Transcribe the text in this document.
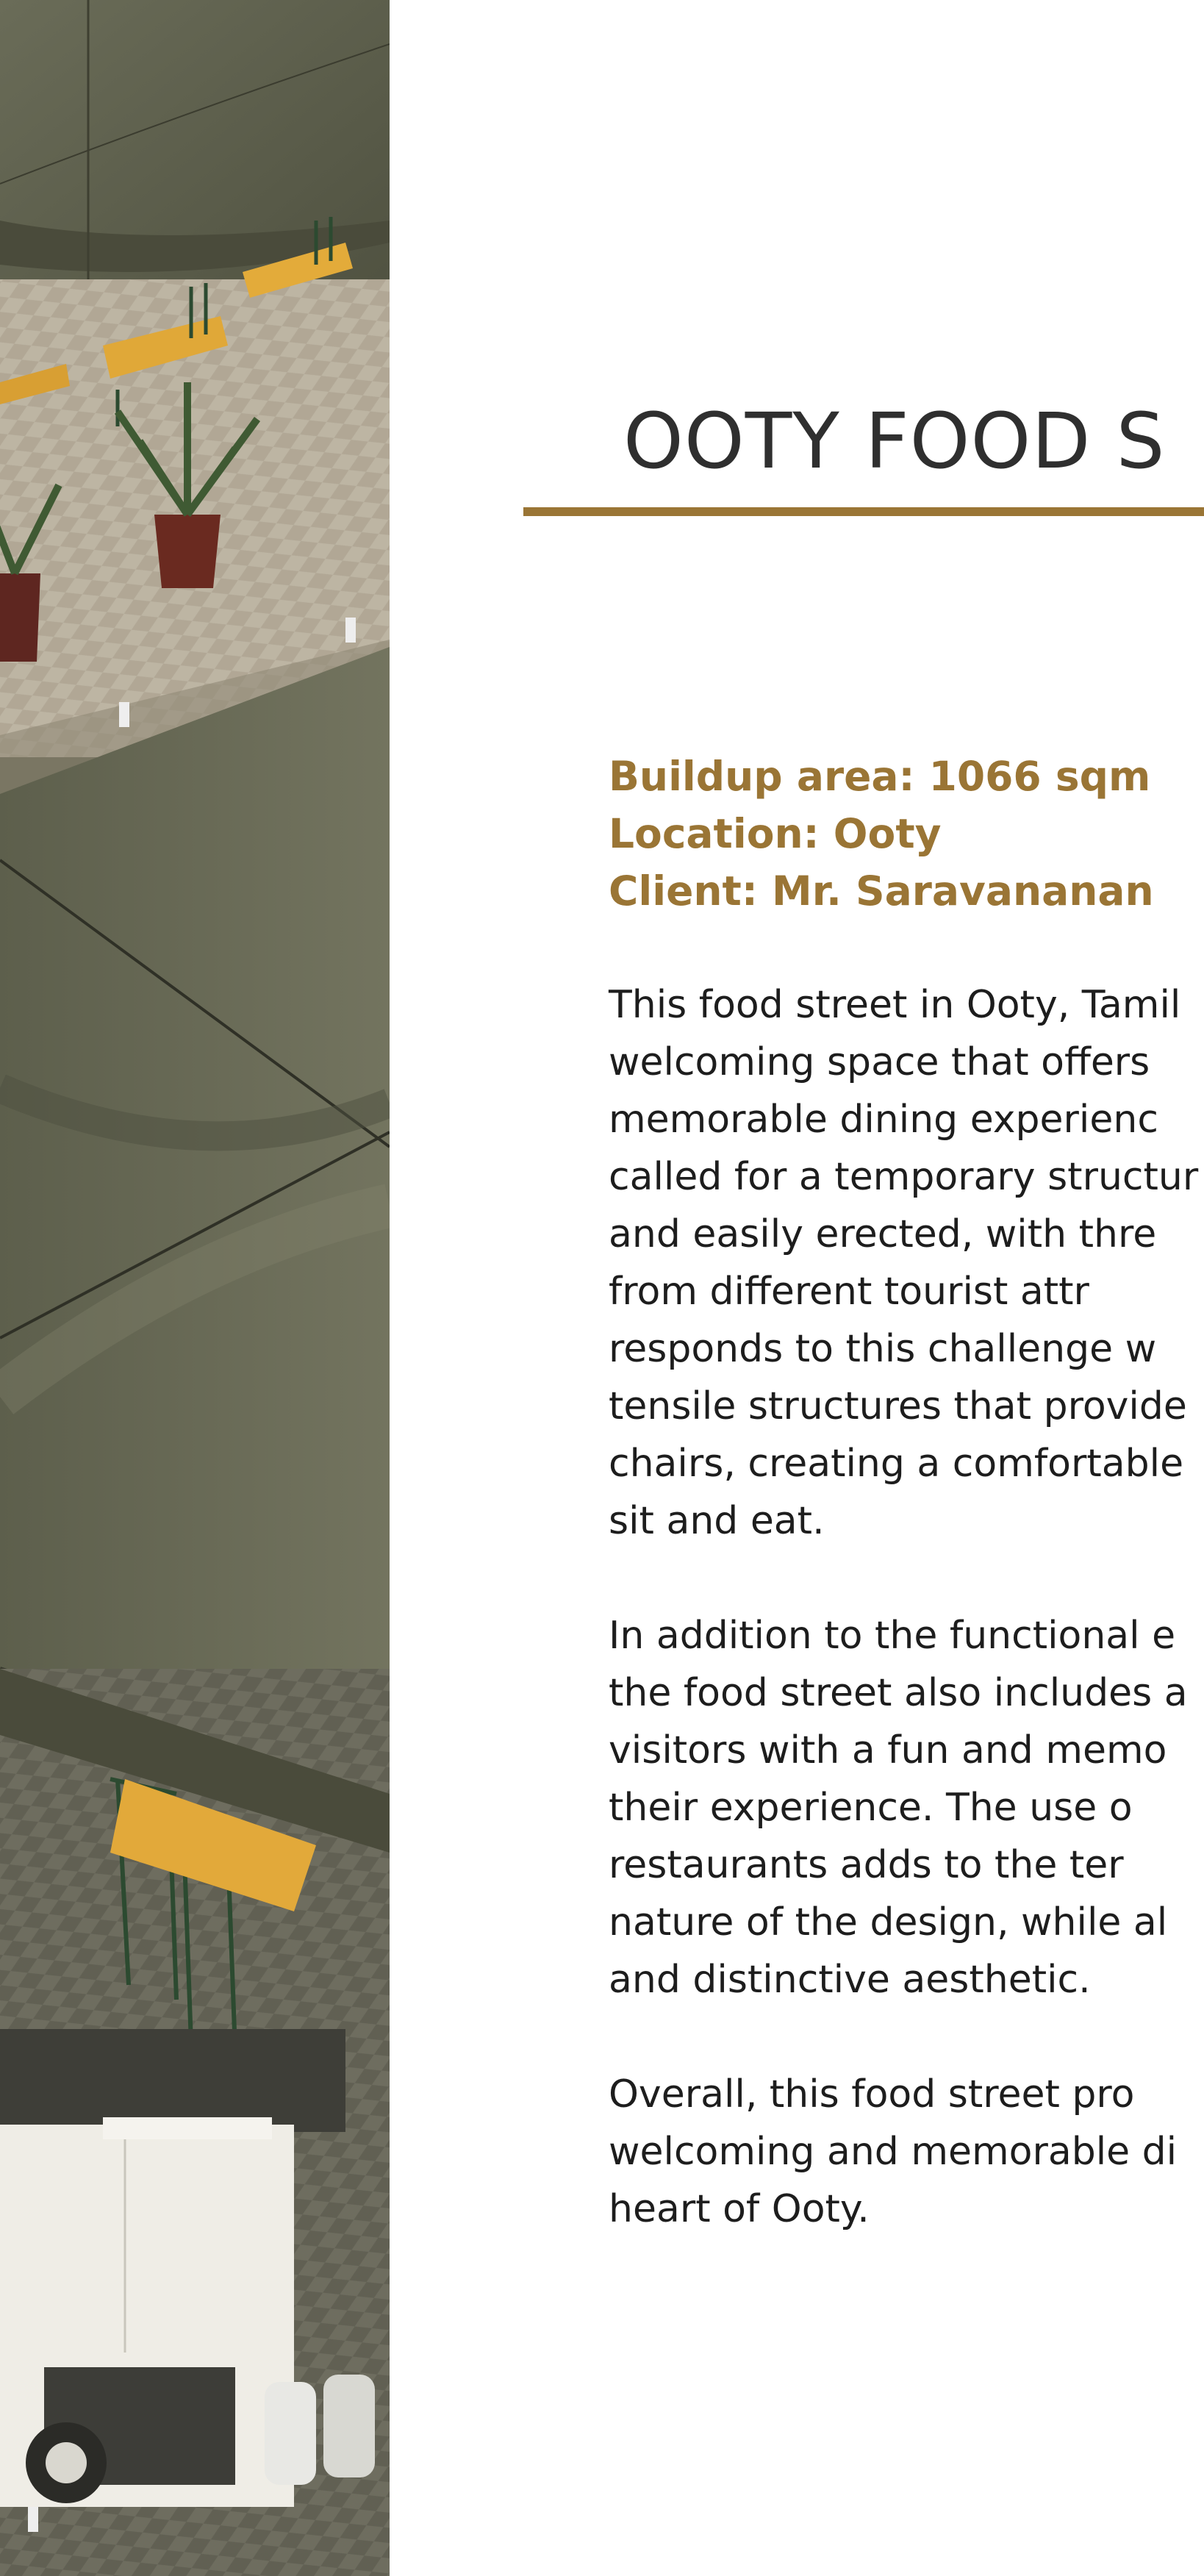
OOTY FOOD S
Buildup area: 1066 sqm
Location: Ooty
Client: Mr. Saravananan

This food street in Ooty, Tamil
welcoming space that offers
memorable dining experienc
called for a temporary structur
and easily erected, with thre
from different tourist attr
responds to this challenge w
tensile structures that provide
chairs, creating a comfortable
sit and eat.

In addition to the functional e
the food street also includes a
visitors with a fun and memo
their experience. The use o
restaurants adds to the ter
nature of the design, while al
and distinctive aesthetic.

Overall, this food street pro
welcoming and memorable di
heart of Ooty.
